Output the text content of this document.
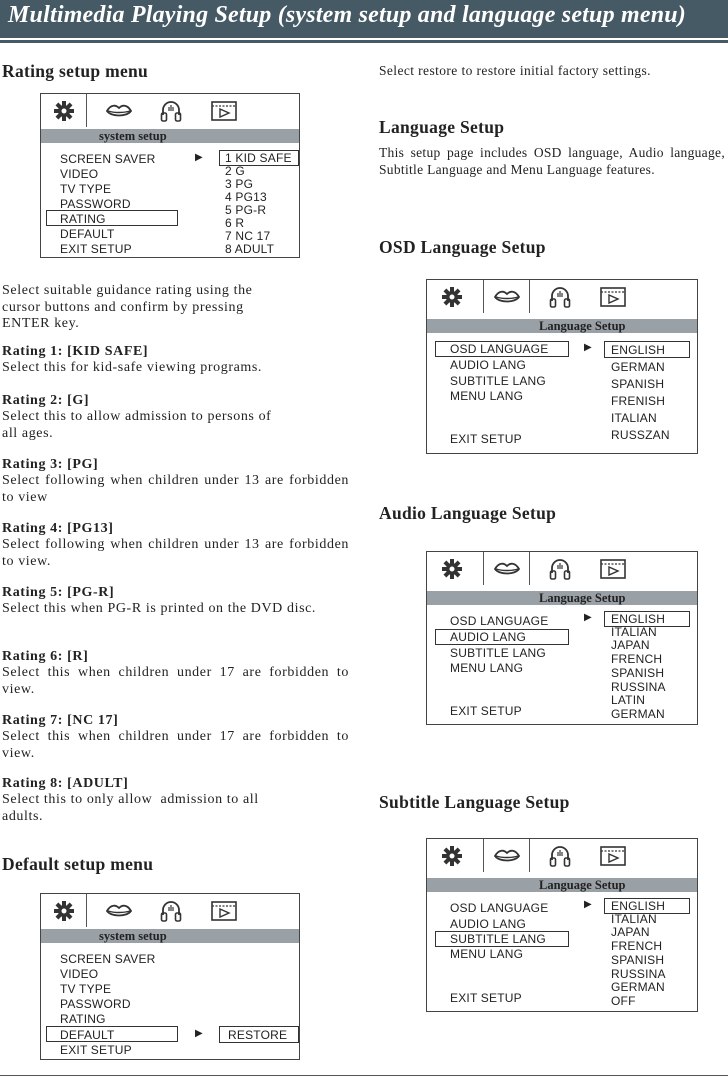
Multimedia Playing Setup (system setup and language setup menu)
Rating setup menu
system setup
SCREEN SAVER
VIDEO
TV TYPE
PASSWORD
RATING
DEFAULT
EXIT SETUP
▶ 1 KID SAFE
2 G
3 PG
4 PG13
5 PG-R
6 R
7 NC 17
8 ADULT
Select suitable guidance rating using the
cursor buttons and confirm by pressing
ENTER key.
Rating 1: [KID SAFE]
Select this for kid-safe viewing programs.
Rating 2: [G]
Select this to allow admission to persons of
all ages.
Rating 3: [PG]
Select following when children under 13 are forbidden to view
Rating 4: [PG13]
Select following when children under 13 are forbidden to view.
Rating 5: [PG-R]
Select this when PG-R is printed on the DVD disc.
Rating 6: [R]
Select this when children under 17 are forbidden to view.
Rating 7: [NC 17]
Select this when children under 17 are forbidden to view.
Rating 8: [ADULT]
Select this to only allow  admission to all
adults.
Default setup menu
system setup
SCREEN SAVER
VIDEO
TV TYPE
PASSWORD
RATING
DEFAULT
EXIT SETUP
▶ RESTORE
Select restore to restore initial factory settings.
Language Setup
This setup page includes OSD language, Audio language, Subtitle Language and Menu Language features.
OSD Language Setup
Language Setup
OSD LANGUAGE
AUDIO LANG
SUBTITLE LANG
MENU LANG
EXIT SETUP
▶ ENGLISH
GERMAN
SPANISH
FRENISH
ITALIAN
RUSSZAN
Audio Language Setup
Language Setup
OSD LANGUAGE
AUDIO LANG
SUBTITLE LANG
MENU LANG
EXIT SETUP
▶ ENGLISH
ITALIAN
JAPAN
FRENCH
SPANISH
RUSSINA
LATIN
GERMAN
Subtitle Language Setup
Language Setup
OSD LANGUAGE
AUDIO LANG
SUBTITLE LANG
MENU LANG
EXIT SETUP
▶ ENGLISH
ITALIAN
JAPAN
FRENCH
SPANISH
RUSSINA
GERMAN
OFF
